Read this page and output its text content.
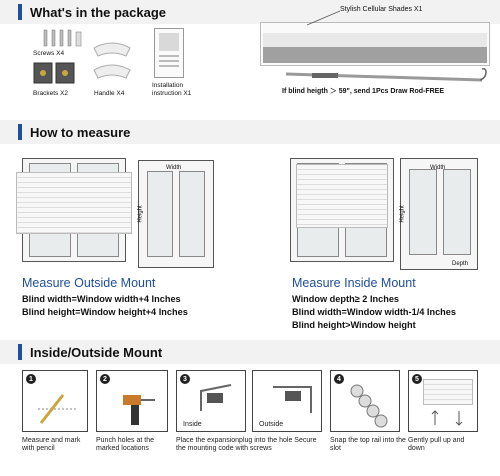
What's in the package
Screws X4
Brackets X2	Handle X4
Installation instruction X1
Stylish Cellular Shades X1
If blind heigth ＞ 59", send 1Pcs Draw Rod-FREE
How to measure
Width
Height
Measure Outside Mount
Blind width=Window width+4 Inches
Blind height=Window height+4 Inches
Width
Height
Depth
Measure Inside Mount
Window depth≥ 2 Inches
Blind width=Window width-1/4 Inches
Blind height>Window height
Inside/Outside Mount
1
Measure and mark with pencil
2
Punch holes at the marked locations
3
Inside	Outside
Place the expansionplug into the hole Secure the mounting code with screws
4
Snap the top rail into the slot
5
Gently pull up and down
